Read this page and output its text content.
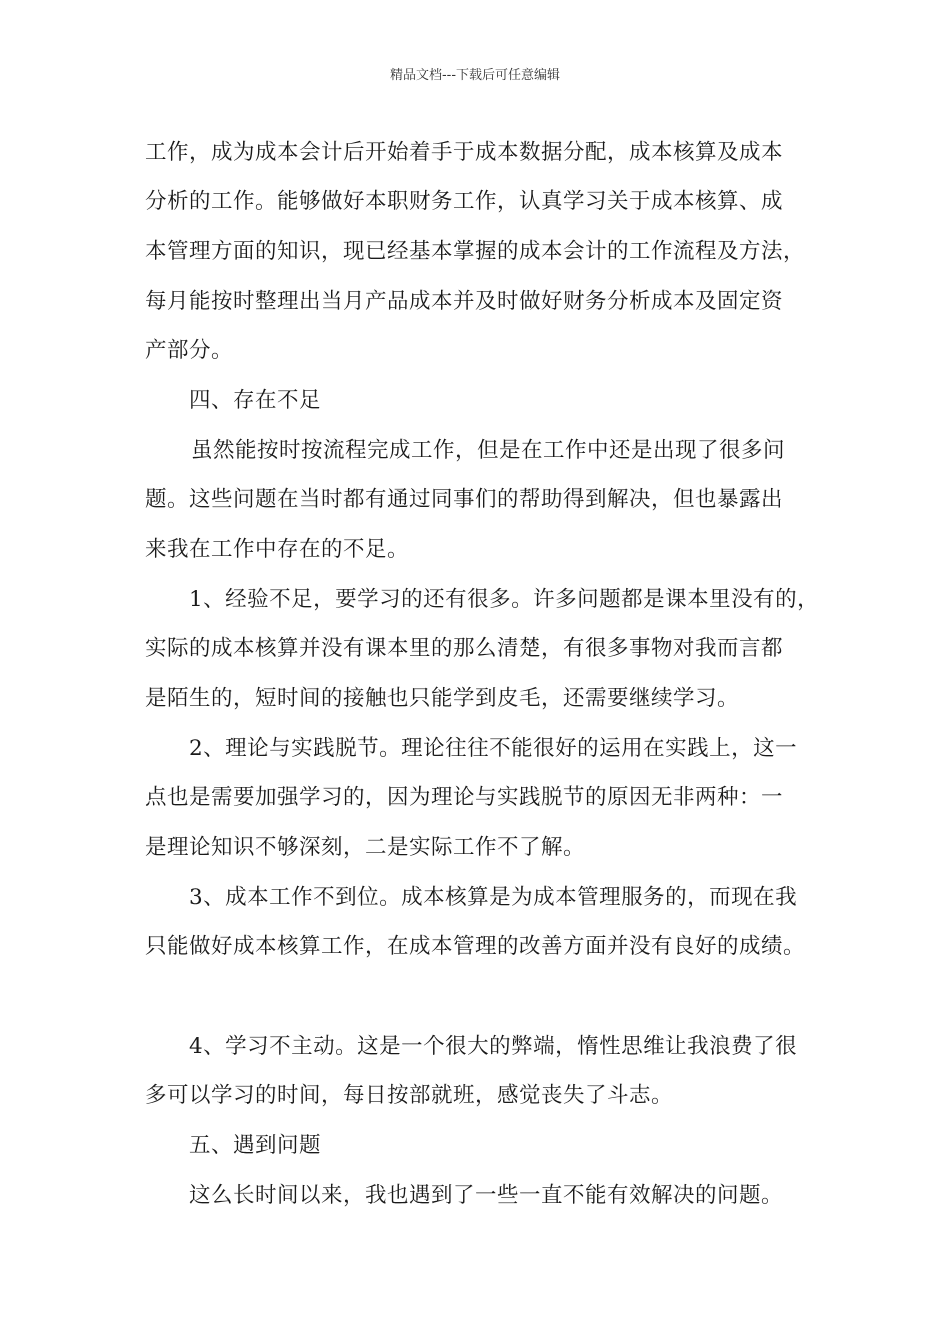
精品文档---下载后可任意编辑
工作，成为成本会计后开始着手于成本数据分配，成本核算及成本
分析的工作。能够做好本职财务工作，认真学习关于成本核算、成
本管理方面的知识，现已经基本掌握的成本会计的工作流程及方法，
每月能按时整理出当月产品成本并及时做好财务分析成本及固定资
产部分。
四、存在不足
虽然能按时按流程完成工作，但是在工作中还是出现了很多问
题。这些问题在当时都有通过同事们的帮助得到解决，但也暴露出
来我在工作中存在的不足。
1、经验不足，要学习的还有很多。许多问题都是课本里没有的，
实际的成本核算并没有课本里的那么清楚，有很多事物对我而言都
是陌生的，短时间的接触也只能学到皮毛，还需要继续学习。
2、理论与实践脱节。理论往往不能很好的运用在实践上，这一
点也是需要加强学习的，因为理论与实践脱节的原因无非两种：一
是理论知识不够深刻，二是实际工作不了解。
3、成本工作不到位。成本核算是为成本管理服务的，而现在我
只能做好成本核算工作，在成本管理的改善方面并没有良好的成绩。
4、学习不主动。这是一个很大的弊端，惰性思维让我浪费了很
多可以学习的时间，每日按部就班，感觉丧失了斗志。
五、遇到问题
这么长时间以来，我也遇到了一些一直不能有效解决的问题。
